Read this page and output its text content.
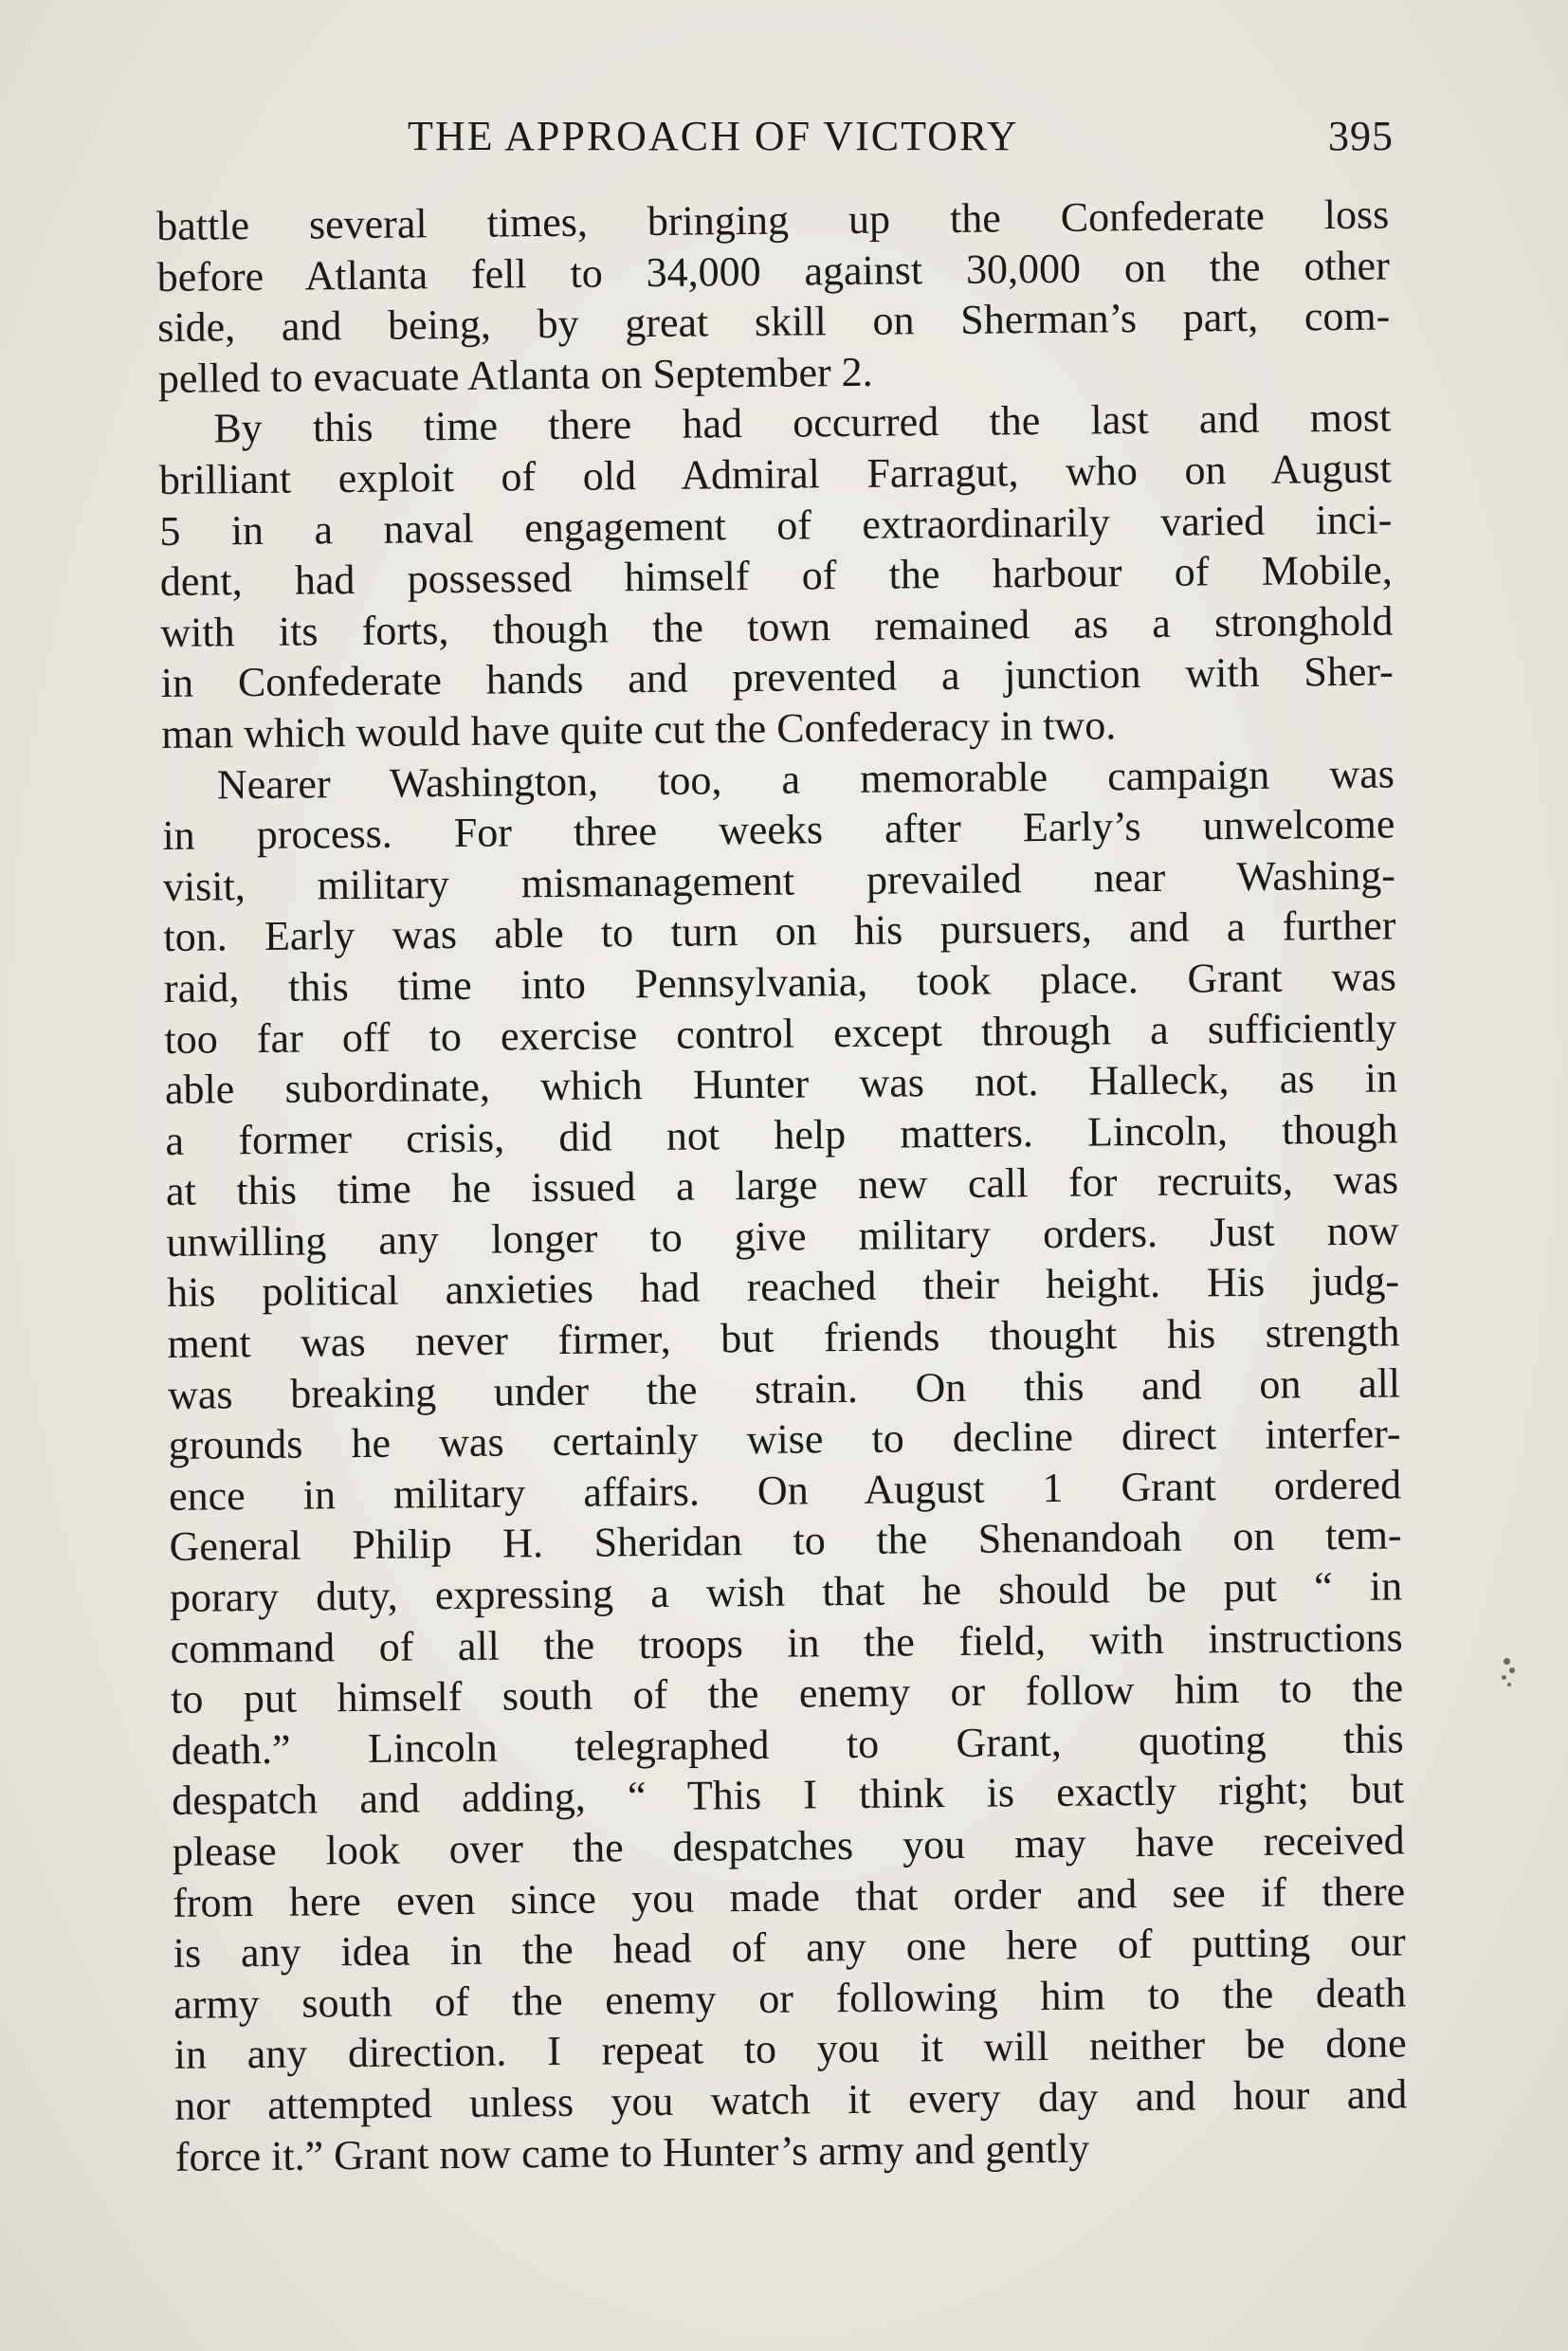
THE APPROACH OF VICTORY	395
battle several times, bringing up the Confederate loss
before Atlanta fell to 34,000 against 30,000 on the other
side, and being, by great skill on Sherman’s part, com-
pelled to evacuate Atlanta on September 2.
By this time there had occurred the last and most
brilliant exploit of old Admiral Farragut, who on August
5 in a naval engagement of extraordinarily varied inci-
dent, had possessed himself of the harbour of Mobile,
with its forts, though the town remained as a stronghold
in Confederate hands and prevented a junction with Sher-
man which would have quite cut the Confederacy in two.
Nearer Washington, too, a memorable campaign was
in process. For three weeks after Early’s unwelcome
visit, military mismanagement prevailed near Washing-
ton. Early was able to turn on his pursuers, and a further
raid, this time into Pennsylvania, took place. Grant was
too far off to exercise control except through a sufficiently
able subordinate, which Hunter was not. Halleck, as in
a former crisis, did not help matters. Lincoln, though
at this time he issued a large new call for recruits, was
unwilling any longer to give military orders. Just now
his political anxieties had reached their height. His judg-
ment was never firmer, but friends thought his strength
was breaking under the strain. On this and on all
grounds he was certainly wise to decline direct interfer-
ence in military affairs. On August 1 Grant ordered
General Philip H. Sheridan to the Shenandoah on tem-
porary duty, expressing a wish that he should be put “ in
command of all the troops in the field, with instructions
to put himself south of the enemy or follow him to the
death.” Lincoln telegraphed to Grant, quoting this
despatch and adding, “ This I think is exactly right; but
please look over the despatches you may have received
from here even since you made that order and see if there
is any idea in the head of any one here of putting our
army south of the enemy or following him to the death
in any direction. I repeat to you it will neither be done
nor attempted unless you watch it every day and hour and
force it.” Grant now came to Hunter’s army and gently
